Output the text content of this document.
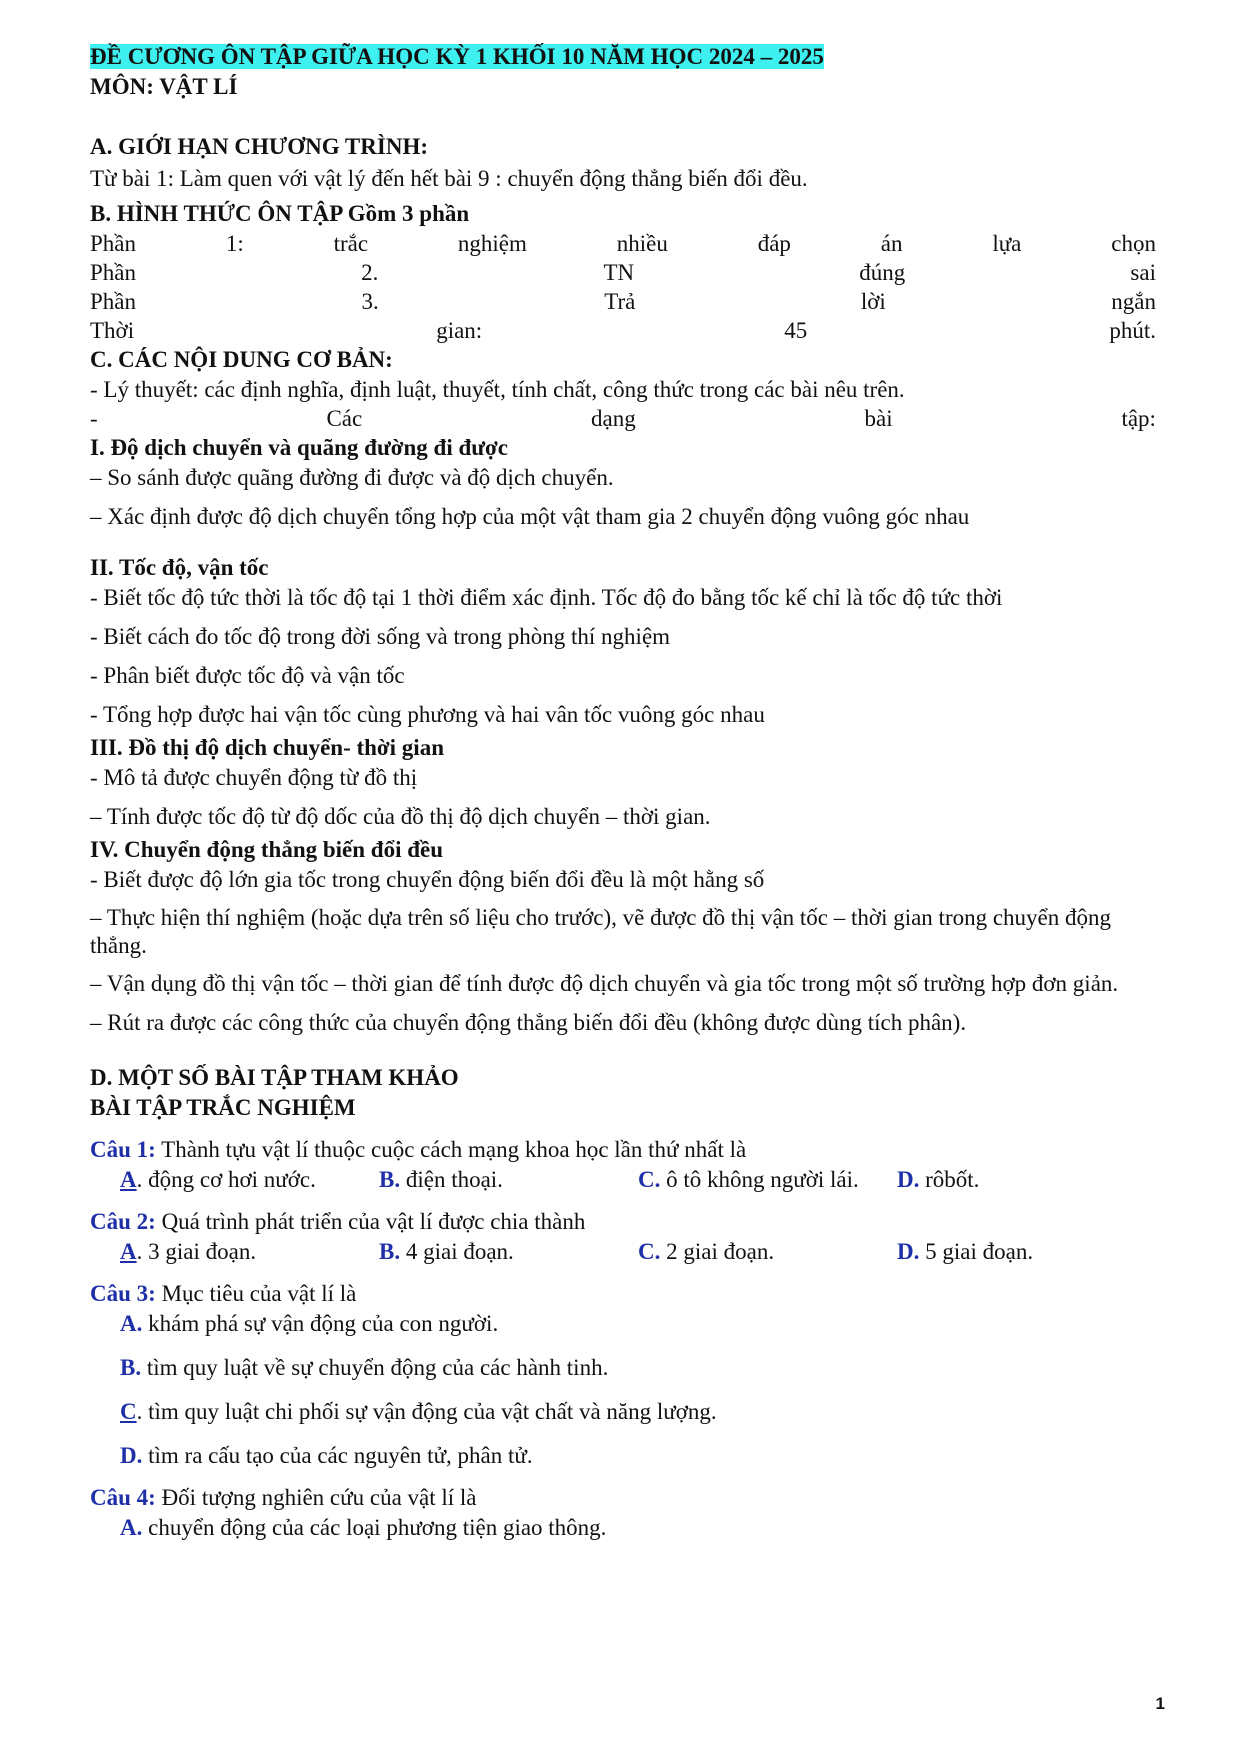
ĐỀ CƯƠNG ÔN TẬP GIỮA HỌC KỲ 1 KHỐI 10 NĂM HỌC 2024 – 2025
MÔN: VẬT LÍ
A. GIỚI HẠN CHƯƠNG TRÌNH:
Từ bài 1: Làm quen với vật lý đến hết bài 9 : chuyển động thẳng biến đổi đều.
B. HÌNH THỨC ÔN TẬP Gồm 3 phần
Phần	1:	trắc	nghiệm	nhiều	đáp	án	lựa	chọn
Phần	2.	TN	đúng	sai
Phần	3.	Trả	lời	ngắn
Thời	gian:	45	phút.
C. CÁC NỘI DUNG CƠ BẢN:
- Lý thuyết: các định nghĩa, định luật, thuyết, tính chất, công thức trong các bài nêu trên.
-	Các	dạng	bài	tập:
I. Độ dịch chuyển và quãng đường đi được
– So sánh được quãng đường đi được và độ dịch chuyển.
– Xác định được độ dịch chuyển tổng hợp của một vật tham gia 2 chuyển động vuông góc nhau
II. Tốc độ, vận tốc
- Biết tốc độ tức thời là tốc độ tại 1 thời điểm xác định. Tốc độ đo bằng tốc kế chỉ là tốc độ tức thời
- Biết cách đo tốc độ trong đời sống và trong phòng thí nghiệm
- Phân biết được tốc độ và vận tốc
- Tổng hợp được hai vận tốc cùng phương và hai vân tốc vuông góc nhau
III. Đồ thị độ dịch chuyển- thời gian
- Mô tả được chuyển động từ đồ thị
– Tính được tốc độ từ độ dốc của đồ thị độ dịch chuyển – thời gian.
IV. Chuyển động thẳng biến đổi đều
- Biết được độ lớn gia tốc trong chuyển động biến đổi đều là một hằng số
– Thực hiện thí nghiệm (hoặc dựa trên số liệu cho trước), vẽ được đồ thị vận tốc – thời gian trong chuyển động thẳng.
– Vận dụng đồ thị vận tốc – thời gian để tính được độ dịch chuyển và gia tốc trong một số trường hợp đơn giản.
– Rút ra được các công thức của chuyển động thẳng biến đổi đều (không được dùng tích phân).
D. MỘT SỐ BÀI TẬP THAM KHẢO
BÀI TẬP TRẮC NGHIỆM
Câu 1: Thành tựu vật lí thuộc cuộc cách mạng khoa học lần thứ nhất là
A. động cơ hơi nước.	B. điện thoại.	C. ô tô không người lái.	D. rôbốt.
Câu 2: Quá trình phát triển của vật lí được chia thành
A. 3 giai đoạn.	B. 4 giai đoạn.	C. 2 giai đoạn.	D. 5 giai đoạn.
Câu 3: Mục tiêu của vật lí là
A. khám phá sự vận động của con người.
B. tìm quy luật về sự chuyển động của các hành tinh.
C. tìm quy luật chi phối sự vận động của vật chất và năng lượng.
D. tìm ra cấu tạo của các nguyên tử, phân tử.
Câu 4: Đối tượng nghiên cứu của vật lí là
A. chuyển động của các loại phương tiện giao thông.
1
